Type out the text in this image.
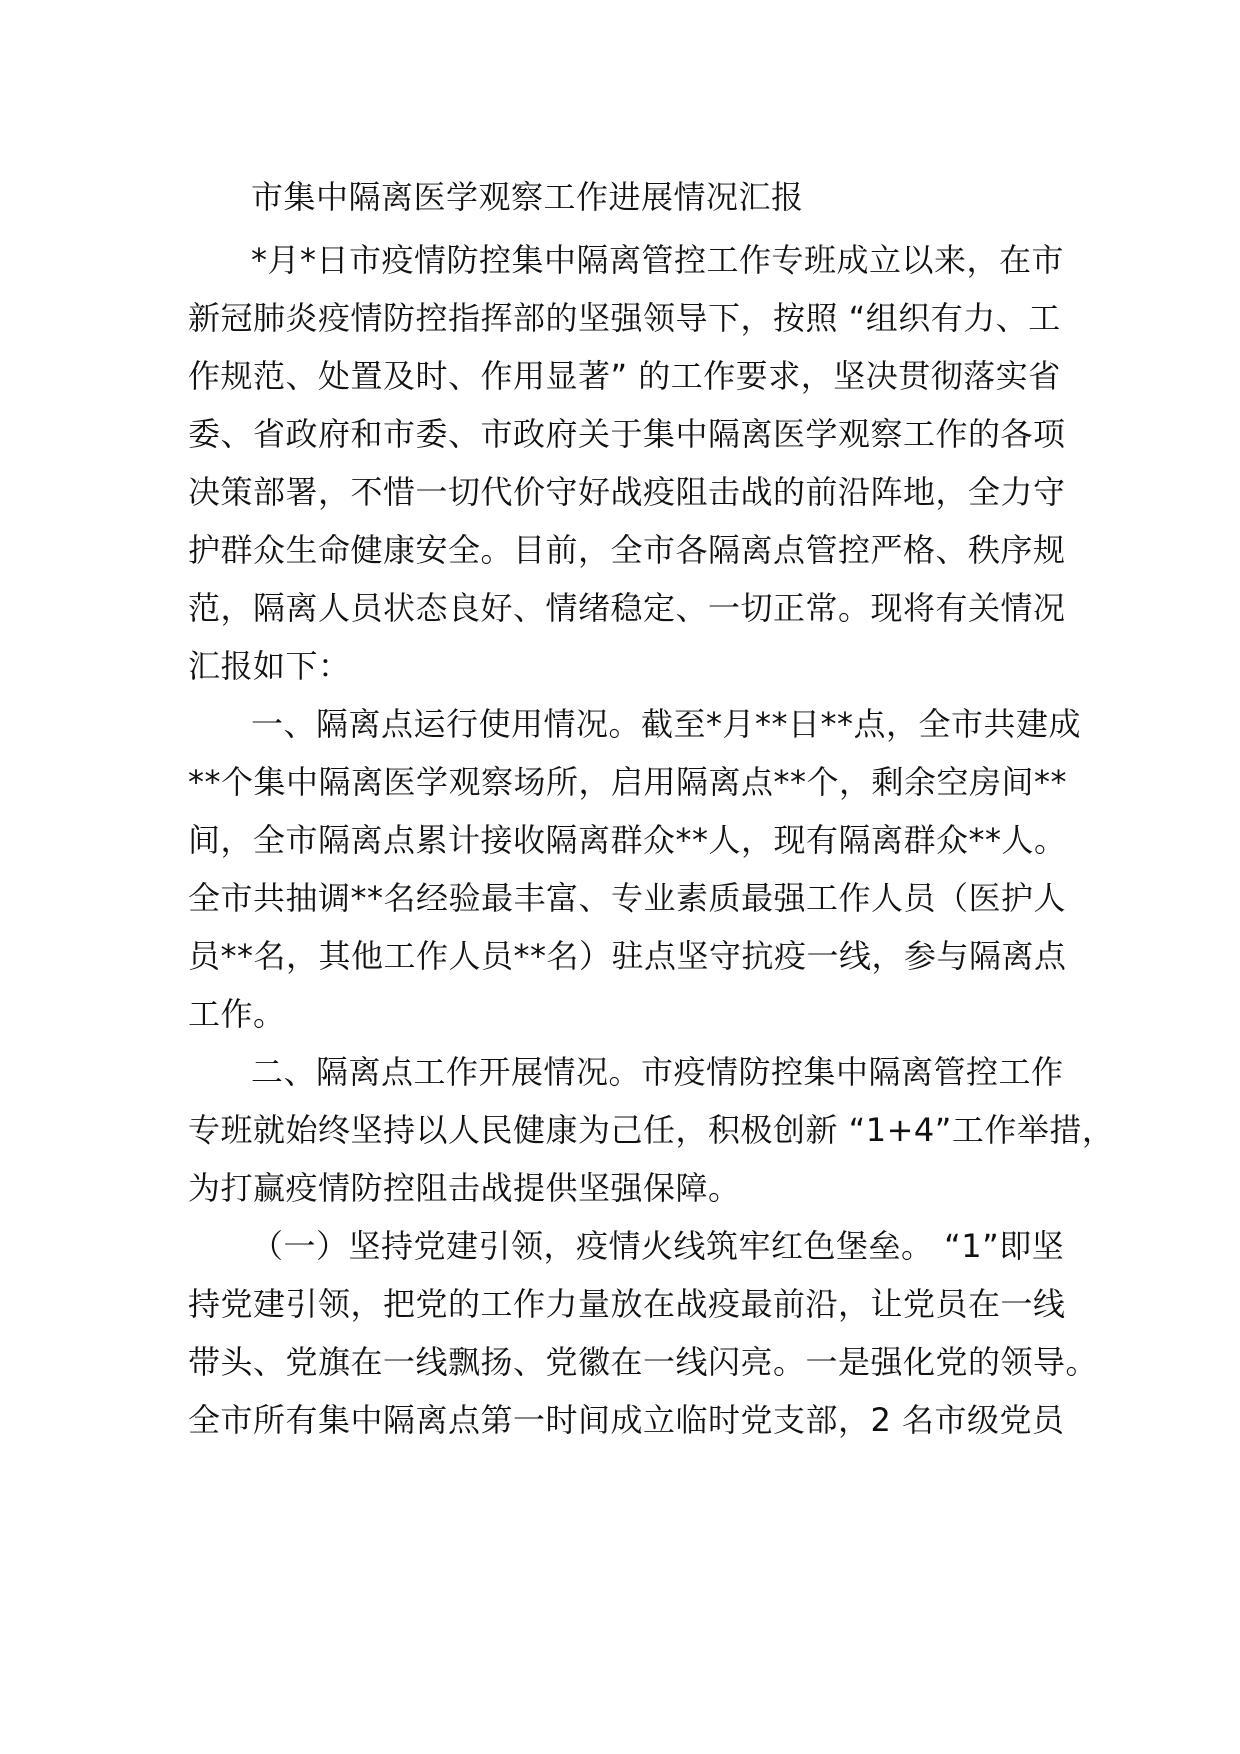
市集中隔离医学观察工作进展情况汇报
*月*日市疫情防控集中隔离管控工作专班成立以来，在市
新冠肺炎疫情防控指挥部的坚强领导下，按照 “组织有力、工
作规范、处置及时、作用显著” 的工作要求，坚决贯彻落实省
委、省政府和市委、市政府关于集中隔离医学观察工作的各项
决策部署，不惜一切代价守好战疫阻击战的前沿阵地，全力守
护群众生命健康安全。目前，全市各隔离点管控严格、秩序规
范，隔离人员状态良好、情绪稳定、一切正常。现将有关情况
汇报如下：
一、隔离点运行使用情况。截至*月**日**点，全市共建成
**个集中隔离医学观察场所，启用隔离点**个，剩余空房间**
间，全市隔离点累计接收隔离群众**人，现有隔离群众**人。
全市共抽调**名经验最丰富、专业素质最强工作人员（医护人
员**名，其他工作人员**名）驻点坚守抗疫一线，参与隔离点
工作。
二、隔离点工作开展情况。市疫情防控集中隔离管控工作
专班就始终坚持以人民健康为己任，积极创新 “1+4”工作举措，
为打赢疫情防控阻击战提供坚强保障。
（一）坚持党建引领，疫情火线筑牢红色堡垒。 “1”即坚
持党建引领，把党的工作力量放在战疫最前沿，让党员在一线
带头、党旗在一线飘扬、党徽在一线闪亮。一是强化党的领导。
全市所有集中隔离点第一时间成立临时党支部，2 名市级党员
